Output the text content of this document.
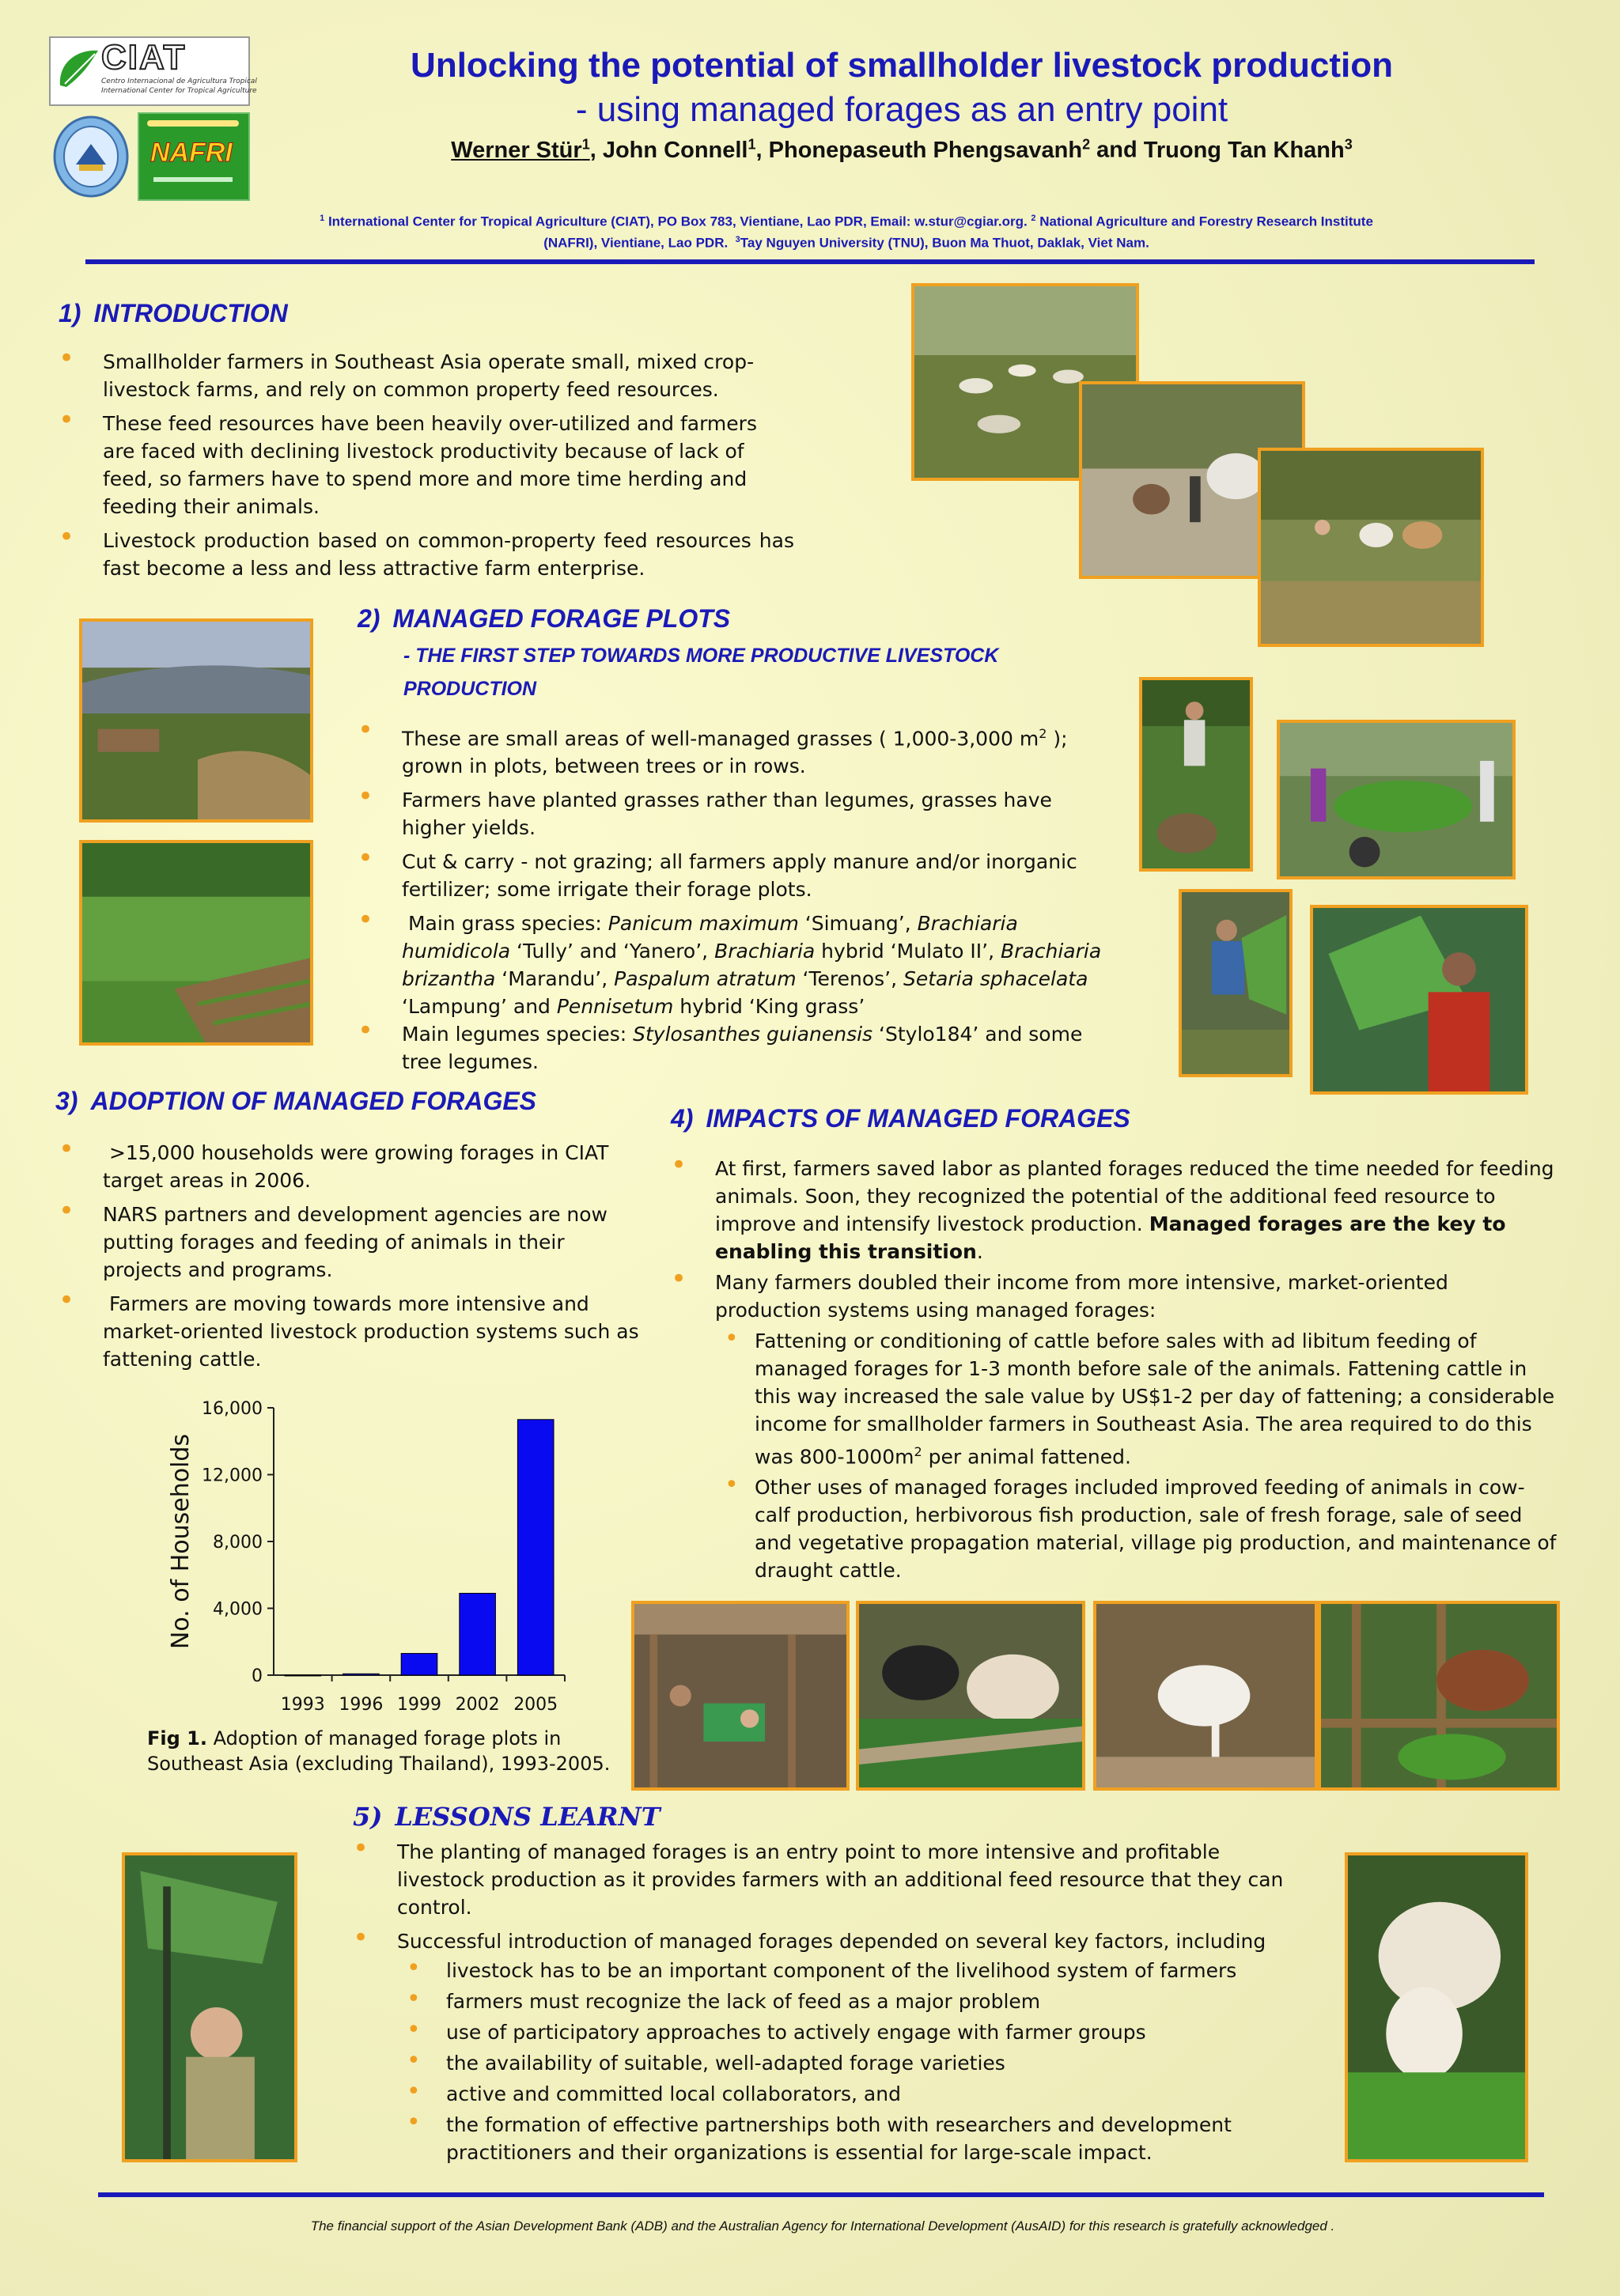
CIAT
Centro Internacional de Agricultura Tropical
International Center for Tropical Agriculture
NAFRI
Unlocking the potential of smallholder livestock production
- using managed forages as an entry point
Werner Stür$^1$, John Connell$^1$, Phonepaseuth Phengsavanh$^2$ and Truong Tan Khanh$^3$
$^1$ International Center for Tropical Agriculture (CIAT), PO Box 783, Vientiane, Lao PDR, Email: w.stur@cgiar.org. $^2$ National Agriculture and Forestry Research Institute
(NAFRI), Vientiane, Lao PDR. $^3$Tay Nguyen University (TNU), Buon Ma Thuot, Daklak, Viet Nam.
1) INTRODUCTION
• Smallholder farmers in Southeast Asia operate small, mixed crop-livestock farms, and rely on common property feed resources.
• These feed resources have been heavily over-utilized and farmers are faced with declining livestock productivity because of lack of feed, so farmers have to spend more and more time herding and feeding their animals.
• Livestock production based on common-property feed resources has fast become a less and less attractive farm enterprise.
2) MANAGED FORAGE PLOTS
- THE FIRST STEP TOWARDS MORE PRODUCTIVE LIVESTOCK
PRODUCTION
• These are small areas of well-managed grasses ( 1,000-3,000 $m^2$ ); grown in plots, between trees or in rows.
• Farmers have planted grasses rather than legumes, grasses have higher yields.
• Cut & carry - not grazing; all farmers apply manure and/or inorganic fertilizer; some irrigate their forage plots.
• Main grass species: Panicum maximum ‘Simuang’, Brachiaria humidicola ‘Tully’ and ‘Yanero’, Brachiaria hybrid ‘Mulato II’, Brachiaria brizantha ‘Marandu’, Paspalum atratum ‘Terenos’, Setaria sphacelata ‘Lampung’ and Pennisetum hybrid ‘King grass’
• Main legumes species: Stylosanthes guianensis ‘Stylo184’ and some tree legumes.
3) ADOPTION OF MANAGED FORAGES
• >15,000 households were growing forages in CIAT target areas in 2006.
• NARS partners and development agencies are now putting forages and feeding of animals in their projects and programs.
• Farmers are moving towards more intensive and market-oriented livestock production systems such as fattening cattle.
0
4,000
8,000
12,000
16,000
No. of Households
1993 1996 1999 2002 2005
Fig 1. Adoption of managed forage plots in Southeast Asia (excluding Thailand), 1993-2005.
4) IMPACTS OF MANAGED FORAGES
• At first, farmers saved labor as planted forages reduced the time needed for feeding animals. Soon, they recognized the potential of the additional feed resource to improve and intensify livestock production. Managed forages are the key to enabling this transition.
• Many farmers doubled their income from more intensive, market-oriented production systems using managed forages:
• Fattening or conditioning of cattle before sales with ad libitum feeding of managed forages for 1-3 month before sale of the animals. Fattening cattle in this way increased the sale value by US$1-2 per day of fattening; a considerable income for smallholder farmers in Southeast Asia. The area required to do this was $800-1000m^2$ per animal fattened.
• Other uses of managed forages included improved feeding of animals in cow-calf production, herbivorous fish production, sale of fresh forage, sale of seed and vegetative propagation material, village pig production, and maintenance of draught cattle.
5) LESSONS LEARNT
• The planting of managed forages is an entry point to more intensive and profitable livestock production as it provides farmers with an additional feed resource that they can control.
• Successful introduction of managed forages depended on several key factors, including
• livestock has to be an important component of the livelihood system of farmers
• farmers must recognize the lack of feed as a major problem
• use of participatory approaches to actively engage with farmer groups
• the availability of suitable, well-adapted forage varieties
• active and committed local collaborators, and
• the formation of effective partnerships both with researchers and development practitioners and their organizations is essential for large-scale impact.
The financial support of the Asian Development Bank (ADB) and the Australian Agency for International Development (AusAID) for this research is gratefully acknowledged .
